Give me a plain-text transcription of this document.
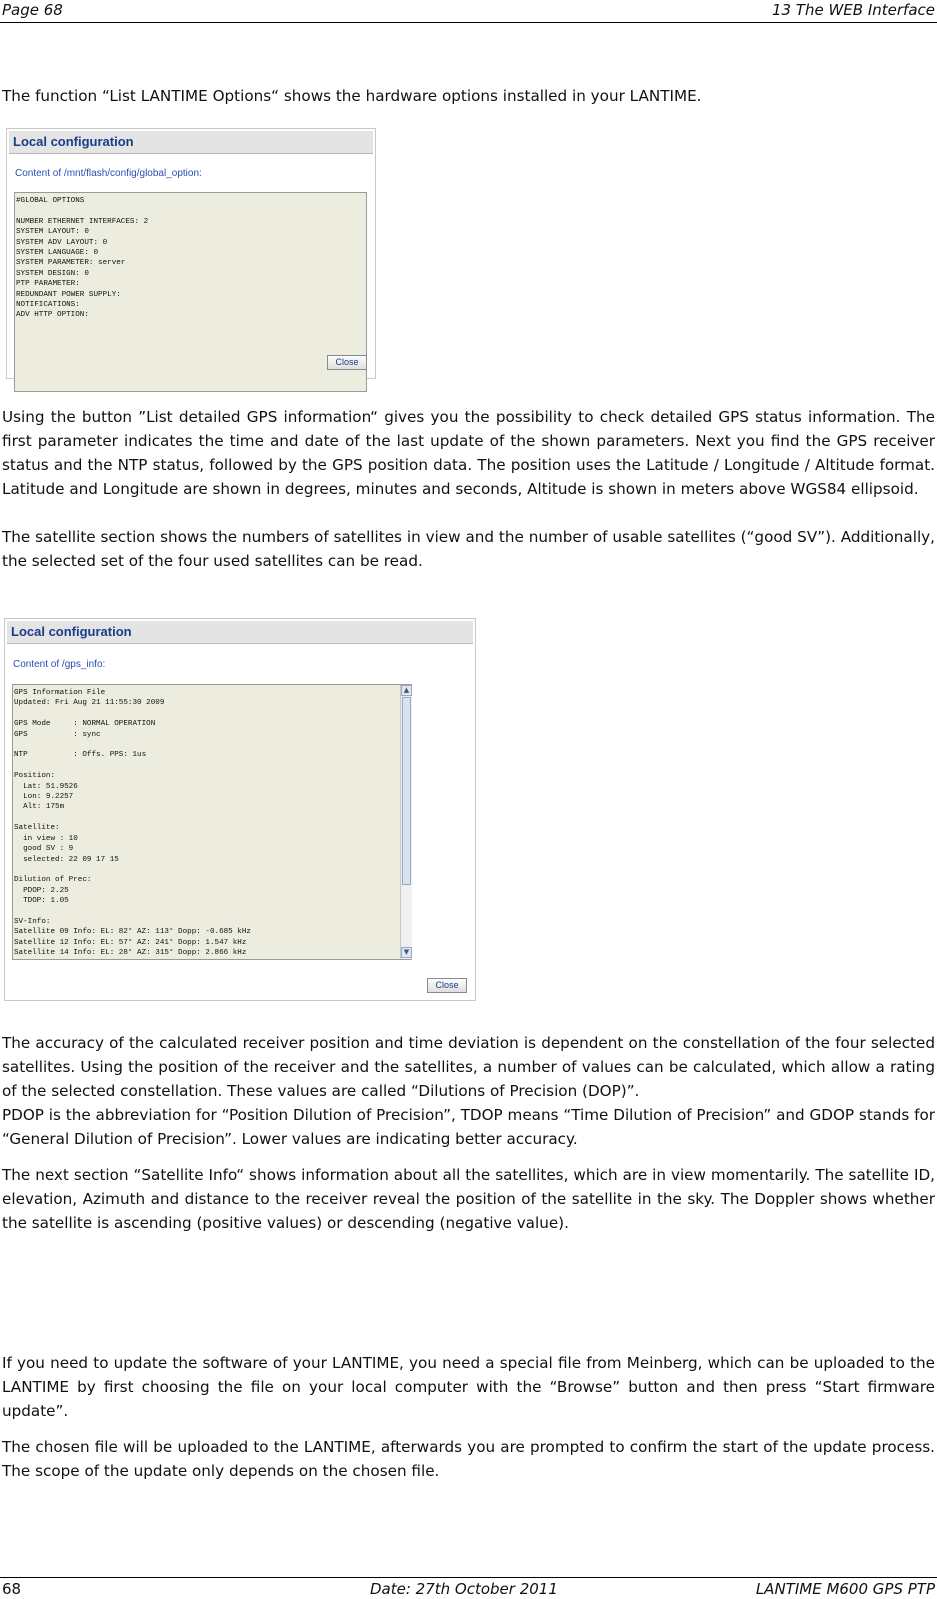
Page 68	13 The WEB Interface

The function “List LANTIME Options“ shows the hardware options installed in your LANTIME.

Local configuration
Content of /mnt/flash/config/global_option:
#GLOBAL OPTIONS

NUMBER ETHERNET INTERFACES: 2
SYSTEM LAYOUT: 0
SYSTEM ADV LAYOUT: 0
SYSTEM LANGUAGE: 0
SYSTEM PARAMETER: server
SYSTEM DESIGN: 0
PTP PARAMETER:
REDUNDANT POWER SUPPLY:
NOTIFICATIONS:
ADV HTTP OPTION:
Close

Using the button ”List detailed GPS information“ gives you the possibility to check detailed GPS status information. The first parameter indicates the time and date of the last update of the shown parameters. Next you find the GPS receiver status and the NTP status, followed by the GPS position data. The position uses the Latitude / Longitude / Altitude format. Latitude and Longitude are shown in degrees, minutes and seconds, Altitude is shown in meters above WGS84 ellipsoid.

The satellite section shows the numbers of satellites in view and the number of usable satellites (“good SV”). Additionally, the selected set of the four used satellites can be read.

Local configuration
Content of /gps_info:
GPS Information File
Updated: Fri Aug 21 11:55:30 2009

GPS Mode     : NORMAL OPERATION
GPS          : sync

NTP          : Offs. PPS: 1us

Position:
Lat: 51.9526
Lon: 9.2257
Alt: 175m

Satellite:
in view : 10
good SV : 9
selected: 22 09 17 15

Dilution of Prec:
PDOP: 2.25
TDOP: 1.05

SV-Info:
Satellite 09 Info: EL: 82° AZ: 113° Dopp: -0.685 kHz
Satellite 12 Info: EL: 57° AZ: 241° Dopp: 1.547 kHz
Satellite 14 Info: EL: 28° AZ: 315° Dopp: 2.866 kHz
▲
▼
Close

The accuracy of the calculated receiver position and time deviation is dependent on the constellation of the four selected satellites. Using the position of the receiver and the satellites, a number of values can be calculated, which allow a rating of the selected constellation. These values are called “Dilutions of Precision (DOP)”.

PDOP is the abbreviation for “Position Dilution of Precision”, TDOP means “Time Dilution of Precision” and GDOP stands for “General Dilution of Precision”. Lower values are indicating better accuracy.

The next section “Satellite Info“ shows information about all the satellites, which are in view momentarily. The satellite ID, elevation, Azimuth and distance to the receiver reveal the position of the satellite in the sky. The Doppler shows whether the satellite is ascending (positive values) or descending (negative value).

If you need to update the software of your LANTIME, you need a special file from Meinberg, which can be uploaded to the LANTIME by first choosing the file on your local computer with the “Browse” button and then press “Start firmware update”.

The chosen file will be uploaded to the LANTIME, afterwards you are prompted to confirm the start of the update process. The scope of the update only depends on the chosen file.

68	Date: 27th October 2011	LANTIME M600 GPS PTP
